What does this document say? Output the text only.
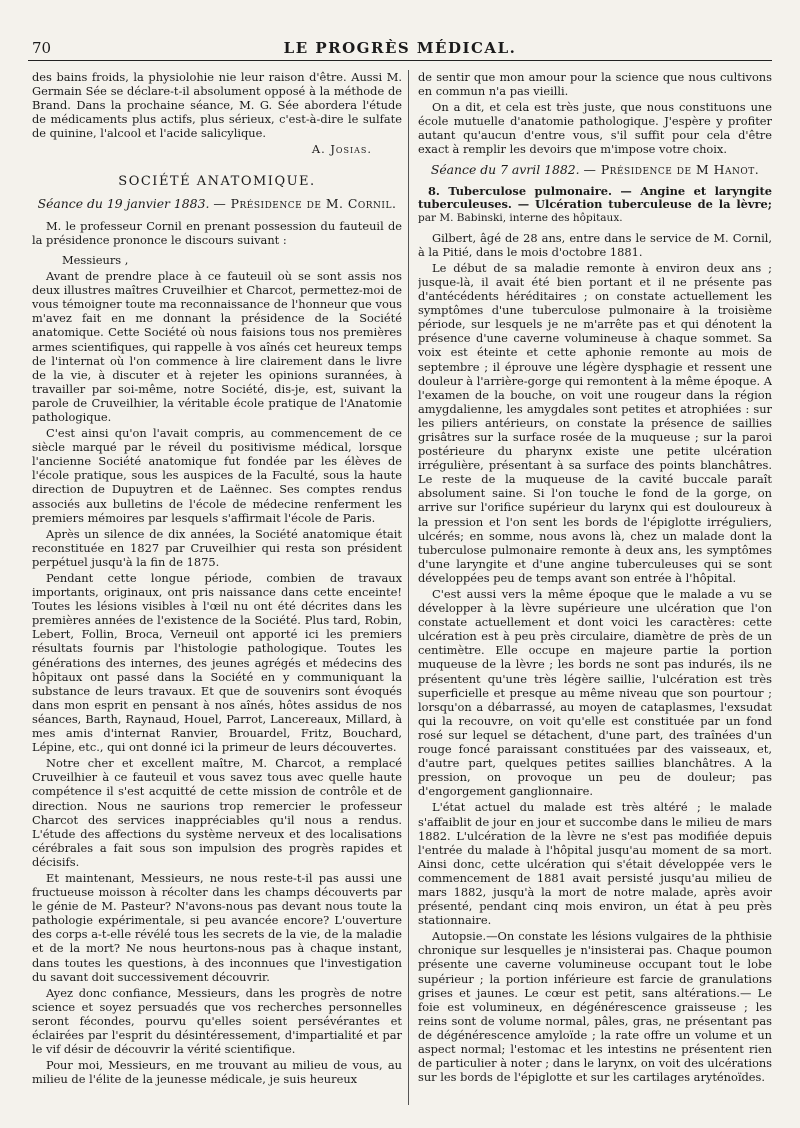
70	LE PROGRÈS MÉDICAL.

des bains froids, la physiolohie nie leur raison d'être. Aussi M. Germain Sée se déclare-t-il absolument opposé à la méthode de Brand. Dans la prochaine séance, M. G. Sée abordera l'étude de médicaments plus actifs, plus sérieux, c'est-à-dire le sulfate de quinine, l'alcool et l'acide salicylique.

A. Josias.
SOCIÉTÉ ANATOMIQUE.
Séance du 19 janvier 1883. — Présidence de M. Cornil.

M. le professeur Cornil en prenant possession du fauteuil de la présidence prononce le discours suivant :

Messieurs ,

Avant de prendre place à ce fauteuil où se sont assis nos deux illustres maîtres Cruveilhier et Charcot, permettez-moi de vous témoigner toute ma reconnaissance de l'honneur que vous m'avez fait en me donnant la présidence de la Société anatomique. Cette Société où nous faisions tous nos premières armes scientifiques, qui rappelle à vos aînés cet heureux temps de l'internat où l'on commence à lire clairement dans le livre de la vie, à discuter et à rejeter les opinions surannées, à travailler par soi-même, notre Société, dis-je, est, suivant la parole de Cruveilhier, la véritable école pratique de l'Anatomie pathologique.

C'est ainsi qu'on l'avait compris, au commencement de ce siècle marqué par le réveil du positivisme médical, lorsque l'ancienne Société anatomique fut fondée par les élèves de l'école pratique, sous les auspices de la Faculté, sous la haute direction de Dupuytren et de Laënnec. Ses comptes rendus associés aux bulletins de l'école de médecine renferment les premiers mémoires par lesquels s'affirmait l'école de Paris.

Après un silence de dix années, la Société anatomique était reconstituée en 1827 par Cruveilhier qui resta son président perpétuel jusqu'à la fin de 1875.

Pendant cette longue période, combien de travaux importants, originaux, ont pris naissance dans cette enceinte! Toutes les lésions visibles à l'œil nu ont été décrites dans les premières années de l'existence de la Société. Plus tard, Robin, Lebert, Follin, Broca, Verneuil ont apporté ici les premiers résultats fournis par l'histologie pathologique. Toutes les générations des internes, des jeunes agrégés et médecins des hôpitaux ont passé dans la Société en y communiquant la substance de leurs travaux. Et que de souvenirs sont évoqués dans mon esprit en pensant à nos aînés, hôtes assidus de nos séances, Barth, Raynaud, Houel, Parrot, Lancereaux, Millard, à mes amis d'internat Ranvier, Brouardel, Fritz, Bouchard, Lépine, etc., qui ont donné ici la primeur de leurs découvertes.

Notre cher et excellent maître, M. Charcot, a remplacé Cruveilhier à ce fauteuil et vous savez tous avec quelle haute compétence il s'est acquitté de cette mission de contrôle et de direction. Nous ne saurions trop remercier le professeur Charcot des services inappréciables qu'il nous a rendus. L'étude des affections du système nerveux et des localisations cérébrales a fait sous son impulsion des progrès rapides et décisifs.

Et maintenant, Messieurs, ne nous reste-t-il pas aussi une fructueuse moisson à récolter dans les champs découverts par le génie de M. Pasteur? N'avons-nous pas devant nous toute la pathologie expérimentale, si peu avancée encore? L'ouverture des corps a-t-elle révélé tous les secrets de la vie, de la maladie et de la mort? Ne nous heurtons-nous pas à chaque instant, dans toutes les questions, à des inconnues que l'investigation du savant doit successivement découvrir.

Ayez donc confiance, Messieurs, dans les progrès de notre science et soyez persuadés que vos recherches personnelles seront fécondes, pourvu qu'elles soient persévérantes et éclairées par l'esprit du désintéressement, d'impartialité et par le vif désir de découvrir la vérité scientifique.

Pour moi, Messieurs, en me trouvant au milieu de vous, au milieu de l'élite de la jeunesse médicale, je suis heureux

de sentir que mon amour pour la science que nous cultivons en commun n'a pas vieilli.

On a dit, et cela est très juste, que nous constituons une école mutuelle d'anatomie pathologique. J'espère y profiter autant qu'aucun d'entre vous, s'il suffit pour cela d'être exact à remplir les devoirs que m'impose votre choix.

Séance du 7 avril 1882. — Présidence de M Hanot.
8. Tuberculose pulmonaire. — Angine et laryngite tuberculeuses. — Ulcération tuberculeuse de la lèvre; par M. Babinski, interne des hôpitaux.

Gilbert, âgé de 28 ans, entre dans le service de M. Cornil, à la Pitié, dans le mois d'octobre 1881.

Le début de sa maladie remonte à environ deux ans ; jusque-là, il avait été bien portant et il ne présente pas d'antécédents héréditaires ; on constate actuellement les symptômes d'une tuberculose pulmonaire à la troisième période, sur lesquels je ne m'arrête pas et qui dénotent la présence d'une caverne volumineuse à chaque sommet. Sa voix est éteinte et cette aphonie remonte au mois de septembre ; il éprouve une légère dysphagie et ressent une douleur à l'arrière-gorge qui remontent à la même époque. A l'examen de la bouche, on voit une rougeur dans la région amygdalienne, les amygdales sont petites et atrophiées : sur les piliers antérieurs, on constate la présence de saillies grisâtres sur la surface rosée de la muqueuse ; sur la paroi postérieure du pharynx existe une petite ulcération irrégulière, présentant à sa surface des points blanchâtres. Le reste de la muqueuse de la cavité buccale paraît absolument saine. Si l'on touche le fond de la gorge, on arrive sur l'orifice supérieur du larynx qui est douloureux à la pression et l'on sent les bords de l'épiglotte irréguliers, ulcérés; en somme, nous avons là, chez un malade dont la tuberculose pulmonaire remonte à deux ans, les symptômes d'une laryngite et d'une angine tuberculeuses qui se sont développées peu de temps avant son entrée à l'hôpital.

C'est aussi vers la même époque que le malade a vu se développer à la lèvre supérieure une ulcération que l'on constate actuellement et dont voici les caractères: cette ulcération est à peu près circulaire, diamètre de près de un centimètre. Elle occupe en majeure partie la portion muqueuse de la lèvre ; les bords ne sont pas indurés, ils ne présentent qu'une très légère saillie, l'ulcération est très superficielle et presque au même niveau que son pourtour ; lorsqu'on a débarrassé, au moyen de cataplasmes, l'exsudat qui la recouvre, on voit qu'elle est constituée par un fond rosé sur lequel se détachent, d'une part, des traînées d'un rouge foncé paraissant constituées par des vaisseaux, et, d'autre part, quelques petites saillies blanchâtres. A la pression, on provoque un peu de douleur; pas d'engorgement ganglionnaire.

L'état actuel du malade est très altéré ; le malade s'affaiblit de jour en jour et succombe dans le milieu de mars 1882. L'ulcération de la lèvre ne s'est pas modifiée depuis l'entrée du malade à l'hôpital jusqu'au moment de sa mort. Ainsi donc, cette ulcération qui s'était développée vers le commencement de 1881 avait persisté jusqu'au milieu de mars 1882, jusqu'à la mort de notre malade, après avoir présenté, pendant cinq mois environ, un état à peu près stationnaire.

Autopsie.—On constate les lésions vulgaires de la phthisie chronique sur lesquelles je n'insisterai pas. Chaque poumon présente une caverne volumineuse occupant tout le lobe supérieur ; la portion inférieure est farcie de granulations grises et jaunes. Le cœur est petit, sans altérations.— Le foie est volumineux, en dégénérescence graisseuse ; les reins sont de volume normal, pâles, gras, ne présentant pas de dégénérescence amyloïde ; la rate offre un volume et un aspect normal; l'estomac et les intestins ne présentent rien de particulier à noter ; dans le larynx, on voit des ulcérations sur les bords de l'épiglotte et sur les cartilages aryténoïdes.
